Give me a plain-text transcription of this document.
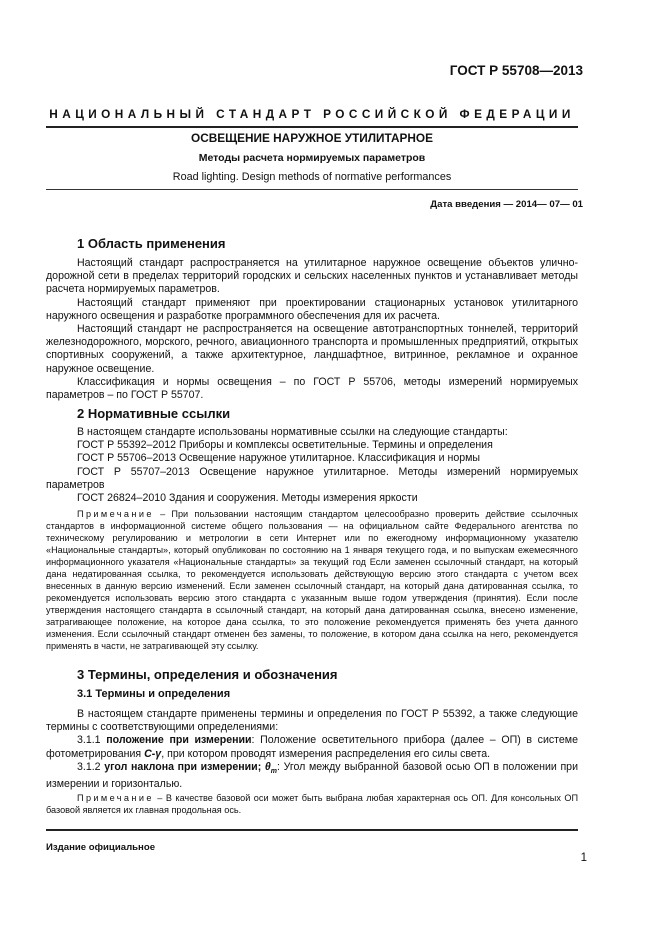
ГОСТ Р 55708—2013
НАЦИОНАЛЬНЫЙ СТАНДАРТ РОССИЙСКОЙ ФЕДЕРАЦИИ
ОСВЕЩЕНИЕ НАРУЖНОЕ УТИЛИТАРНОЕ
Методы расчета нормируемых параметров
Road lighting. Design methods of normative performances
Дата введения — 2014— 07— 01
1 Область применения

Настоящий стандарт распространяется на утилитарное наружное освещение объектов улично-дорожной сети в пределах территорий городских и сельских населенных пунктов и устанавливает методы расчета нормируемых параметров.

Настоящий стандарт применяют при проектировании стационарных установок утилитарного наружного освещения и разработке программного обеспечения для их расчета.

Настоящий стандарт не распространяется на освещение автотранспортных тоннелей, территорий железнодорожного, морского, речного, авиационного транспорта и промышленных предприятий, открытых спортивных сооружений, а также архитектурное, ландшафтное, витринное, рекламное и охранное наружное освещение.

Классификация и нормы освещения – по ГОСТ Р 55706, методы измерений нормируемых параметров – по ГОСТ Р 55707.

2 Нормативные ссылки

В настоящем стандарте использованы нормативные ссылки на следующие стандарты:

ГОСТ Р 55392–2012 Приборы и комплексы осветительные. Термины и определения

ГОСТ Р 55706–2013 Освещение наружное утилитарное. Классификация и нормы

ГОСТ Р 55707–2013 Освещение наружное утилитарное. Методы измерений нормируемых параметров

ГОСТ 26824–2010 Здания и сооружения. Методы измерения яркости

Примечание – При пользовании настоящим стандартом целесообразно проверить действие ссылочных стандартов в информационной системе общего пользования — на официальном сайте Федерального агентства по техническому регулированию и метрологии в сети Интернет или по ежегодному информационному указателю «Национальные стандарты», который опубликован по состоянию на 1 января текущего года, и по выпускам ежемесячного информационного указателя «Национальные стандарты» за текущий год Если заменен ссылочный стандарт, на который дана недатированная ссылка, то рекомендуется использовать действующую версию этого стандарта с учетом всех внесенных в данную версию изменений. Если заменен ссылочный стандарт, на который дана датированная ссылка, то рекомендуется использовать версию этого стандарта с указанным выше годом утверждения (принятия). Если после утверждения настоящего стандарта в ссылочный стандарт, на который дана датированная ссылка, внесено изменение, затрагивающее положение, на которое дана ссылка, то это положение рекомендуется применять без учета данного изменения. Если ссылочный стандарт отменен без замены, то положение, в котором дана ссылка на него, рекомендуется применять в части, не затрагивающей эту ссылку.

3 Термины, определения и обозначения
3.1 Термины и определения

В настоящем стандарте применены термины и определения по ГОСТ Р 55392, а также следующие термины с соответствующими определениями:

3.1.1 положение при измерении: Положение осветительного прибора (далее – ОП) в системе фотометрирования C-γ, при котором проводят измерения распределения его силы света.

3.1.2 угол наклона при измерении; $\theta_m$: Угол между выбранной базовой осью ОП в положении при измерении и горизонталью.

Примечание – В качестве базовой оси может быть выбрана любая характерная ось ОП. Для консольных ОП базовой является их главная продольная ось.

Издание официальное
1
